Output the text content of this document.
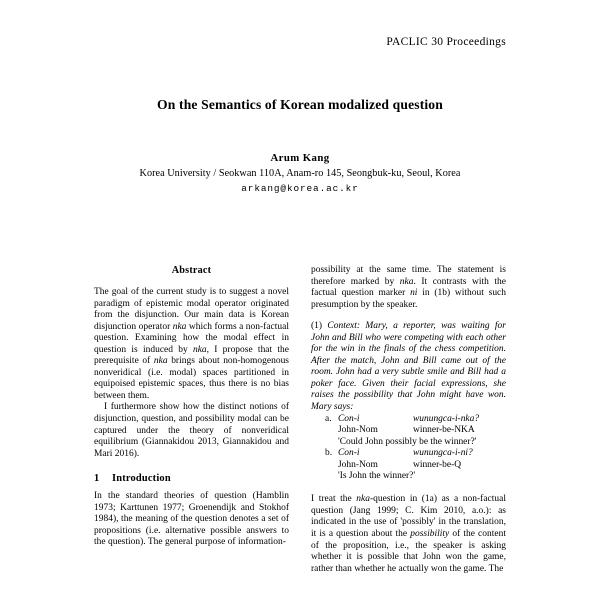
PACLIC 30 Proceedings
On the Semantics of Korean modalized question
Arum Kang
Korea University / Seokwan 110A, Anam-ro 145, Seongbuk-ku, Seoul, Korea
arkang@korea.ac.kr
Abstract

The goal of the current study is to suggest a novel paradigm of epistemic modal operator originated from the disjunction. Our main data is Korean disjunction operator nka which forms a non-factual question. Examining how the modal effect in question is induced by nka, I propose that the prerequisite of nka brings about non-homogenous nonveridical (i.e. modal) spaces partitioned in equipoised epistemic spaces, thus there is no bias between them.

I furthermore show how the distinct notions of disjunction, question, and possibility modal can be captured under the theory of nonveridical equilibrium (Giannakidou 2013, Giannakidou and Mari 2016).

1	Introduction

In the standard theories of question (Hamblin 1973; Karttunen 1977; Groenendijk and Stokhof 1984), the meaning of the question denotes a set of propositions (i.e. alternative possible answers to the question). The general purpose of information-

possibility at the same time. The statement is therefore marked by nka. It contrasts with the factual question marker ni in (1b) without such presumption by the speaker.

(1) Context: Mary, a reporter, was waiting for John and Bill who were competing with each other for the win in the finals of the chess competition. After the match, John and Bill came out of the room. John had a very subtle smile and Bill had a poker face. Given their facial expressions, she raises the possibility that John might have won. Mary says:
a. Con-i	wunungca-i-nka?
John-Nom	winner-be-NKA
'Could John possibly be the winner?'
b. Con-i	wunungca-i-ni?
John-Nom	winner-be-Q
'Is John the winner?'

I treat the nka-question in (1a) as a non-factual question (Jang 1999; C. Kim 2010, a.o.): as indicated in the use of 'possibly' in the translation, it is a question about the possibility of the content of the proposition, i.e., the speaker is asking whether it is possible that John won the game, rather than whether he actually won the game. The
